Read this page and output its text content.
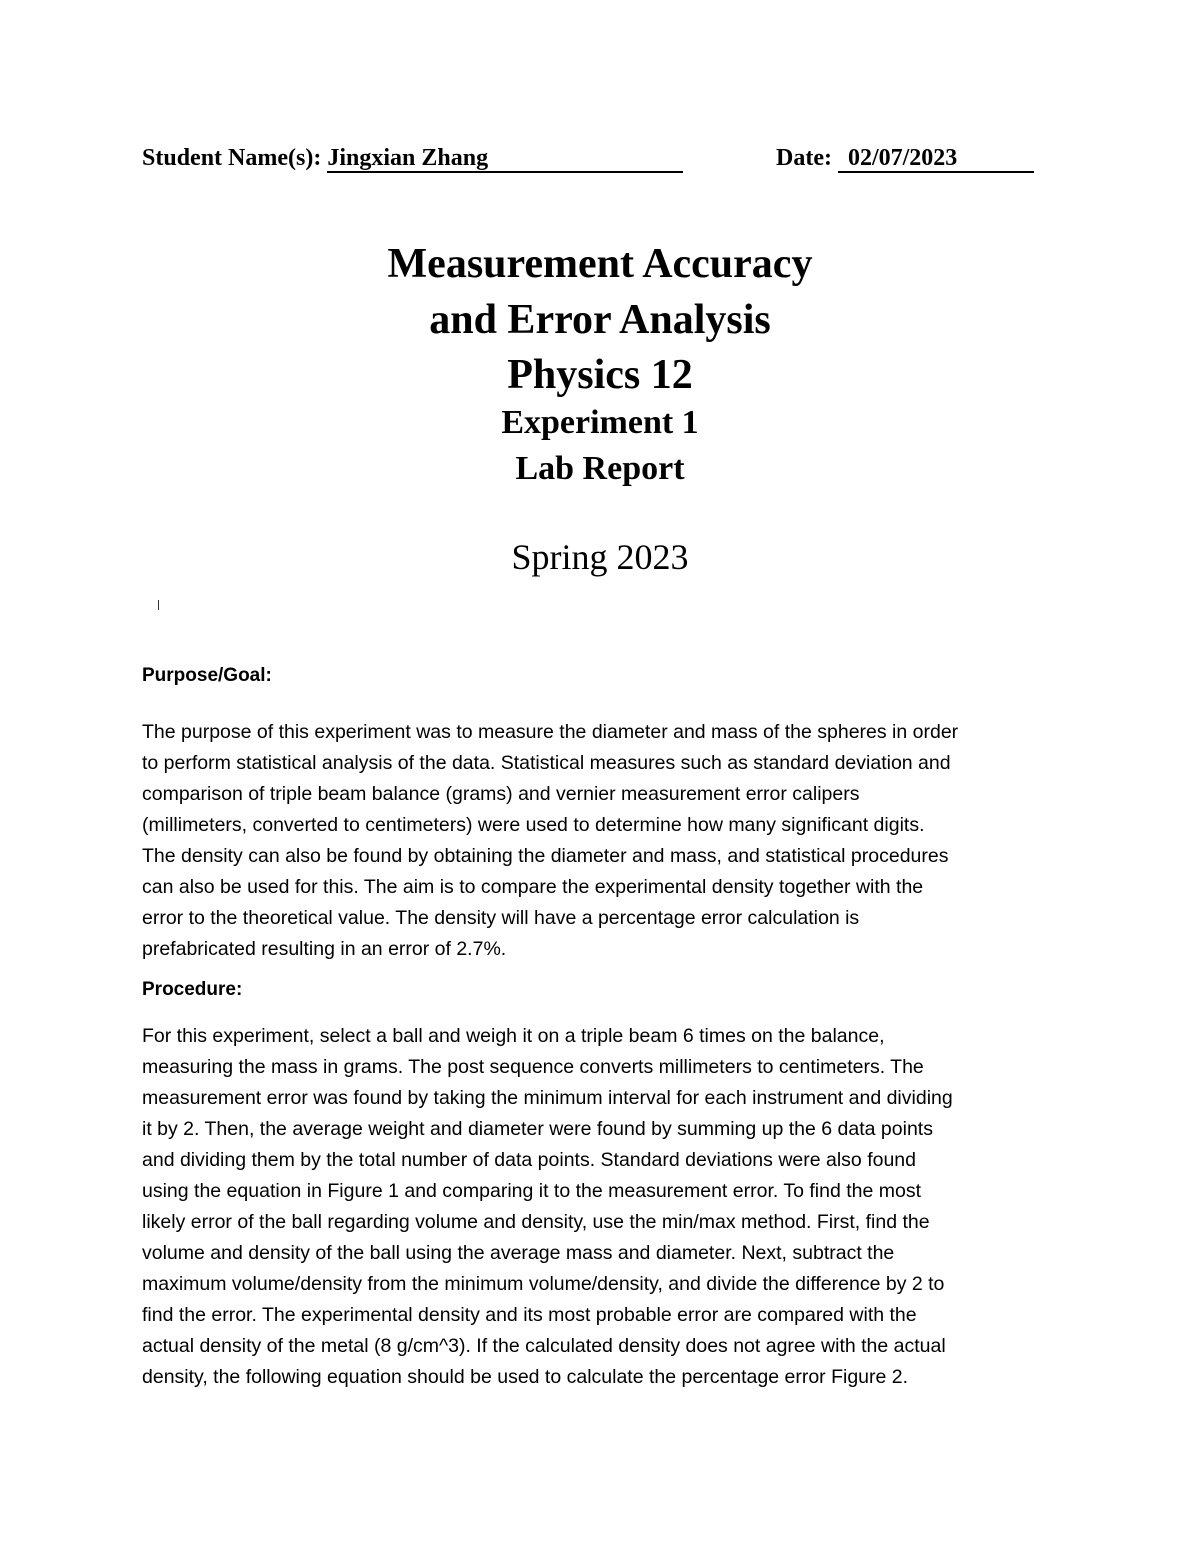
Student Name(s): Jingxian Zhang	Date: 02/07/2023
Measurement Accuracy
and Error Analysis
Physics 12
Experiment 1
Lab Report
Spring 2023

Purpose/Goal:

The purpose of this experiment was to measure the diameter and mass of the spheres in order
to perform statistical analysis of the data. Statistical measures such as standard deviation and
comparison of triple beam balance (grams) and vernier measurement error calipers
(millimeters, converted to centimeters) were used to determine how many significant digits.
The density can also be found by obtaining the diameter and mass, and statistical procedures
can also be used for this. The aim is to compare the experimental density together with the
error to the theoretical value. The density will have a percentage error calculation is
prefabricated resulting in an error of 2.7%.

Procedure:

For this experiment, select a ball and weigh it on a triple beam 6 times on the balance,
measuring the mass in grams. The post sequence converts millimeters to centimeters. The
measurement error was found by taking the minimum interval for each instrument and dividing
it by 2. Then, the average weight and diameter were found by summing up the 6 data points
and dividing them by the total number of data points. Standard deviations were also found
using the equation in Figure 1 and comparing it to the measurement error. To find the most
likely error of the ball regarding volume and density, use the min/max method. First, find the
volume and density of the ball using the average mass and diameter. Next, subtract the
maximum volume/density from the minimum volume/density, and divide the difference by 2 to
find the error. The experimental density and its most probable error are compared with the
actual density of the metal (8 g/cm^3). If the calculated density does not agree with the actual
density, the following equation should be used to calculate the percentage error Figure 2.
